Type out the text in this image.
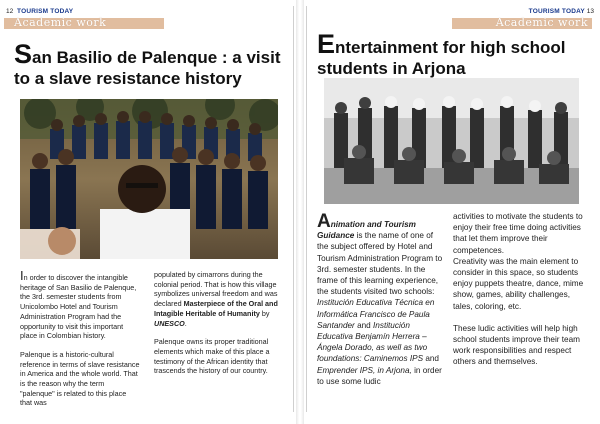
12 TOURISM TODAY
Academic work
San Basilio de Palenque : a visit to a slave resistance history

In order to discover the intangible heritage of San Basilio de Palenque, the 3rd. semester students from Unicolombo Hotel and Tourism Administration Program had the opportunity to visit this important place in Colombian history.

Palenque is a historic-cultural reference in terms of slave resistance in America and the whole world. That is the reason why the term "palenque" is related to this place that was

populated by cimarrons during the colonial period. That is how this village symbolizes universal freedom and was declared Masterpiece of the Oral and Intagible Heritable of Humanity by UNESCO.

Palenque owns its proper traditional elements which make of this place a testimony of the African identity that trascends the history of our country.

TOURISM TODAY 13
Academic work
Entertainment for high school students in Arjona

Animation and Tourism Guidance is the name of one of the subject offered by Hotel and Tourism Administration Program to 3rd. semester students. In the frame of this learning experience, the students visited two schools: Institución Educativa Técnica en Informática Francisco de Paula Santander and Institución Educativa Benjamín Herrera – Ángela Dorado, as well as two foundations: Caminemos IPS and Emprender IPS, in Arjona, in order to use some ludic

activities to motivate the students to enjoy their free time doing activities that let them improve their competences.

Creativity was the main element to consider in this space, so students enjoy puppets theatre, dance, mime show, games, ability challenges, tales, coloring, etc.

These ludic activities will help high school students improve their team work responsibilities and respect others and themselves.
